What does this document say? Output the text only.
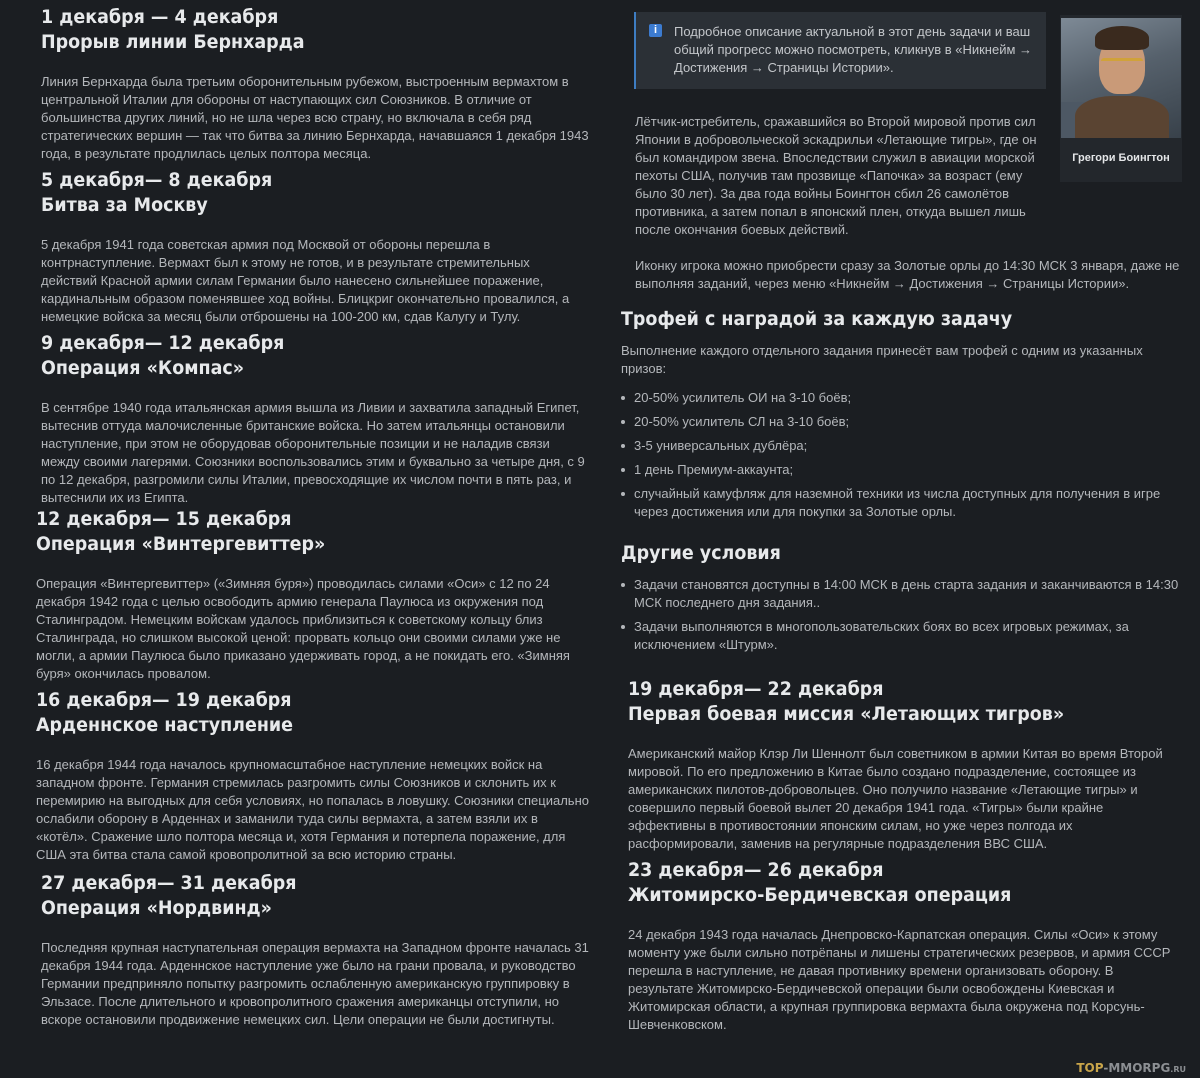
1 декабря — 4 декабря
Прорыв линии Бернхарда
Линия Бернхарда была третьим оборонительным рубежом, выстроенным вермахтом в центральной Италии для обороны от наступающих сил Союзников. В отличие от большинства других линий, но не шла через всю страну, но включала в себя ряд стратегических вершин — так что битва за линию Бернхарда, начавшаяся 1 декабря 1943 года, в результате продлилась целых полтора месяца.
5 декабря— 8 декабря
Битва за Москву
5 декабря 1941 года советская армия под Москвой от обороны перешла в контрнаступление. Вермахт был к этому не готов, и в результате стремительных действий Красной армии силам Германии было нанесено сильнейшее поражение, кардинальным образом поменявшее ход войны. Блицкриг окончательно провалился, а немецкие войска за месяц были отброшены на 100-200 км, сдав Калугу и Тулу.
9 декабря— 12 декабря
Операция «Компас»
В сентябре 1940 года итальянская армия вышла из Ливии и захватила западный Египет, вытеснив оттуда малочисленные британские войска. Но затем итальянцы остановили наступление, при этом не оборудовав оборонительные позиции и не наладив связи между своими лагерями. Союзники воспользовались этим и буквально за четыре дня, с 9 по 12 декабря, разгромили силы Италии, превосходящие их числом почти в пять раз, и вытеснили их из Египта.
12 декабря— 15 декабря
Операция «Винтергевиттер»
Операция «Винтергевиттер» («Зимняя буря») проводилась силами «Оси» с 12 по 24 декабря 1942 года с целью освободить армию генерала Паулюса из окружения под Сталинградом. Немецким войскам удалось приблизиться к советскому кольцу близ Сталинграда, но слишком высокой ценой: прорвать кольцо они своими силами уже не могли, а армии Паулюса было приказано удерживать город, а не покидать его. «Зимняя буря» окончилась провалом.
16 декабря— 19 декабря
Арденнское наступление
16 декабря 1944 года началось крупномасштабное наступление немецких войск на западном фронте. Германия стремилась разгромить силы Союзников и склонить их к перемирию на выгодных для себя условиях, но попалась в ловушку. Союзники специально ослабили оборону в Арденнах и заманили туда силы вермахта, а затем взяли их в «котёл». Сражение шло полтора месяца и, хотя Германия и потерпела поражение, для США эта битва стала самой кровопролитной за всю историю страны.
27 декабря— 31 декабря
Операция «Нордвинд»
Последняя крупная наступательная операция вермахта на Западном фронте началась 31 декабря 1944 года. Арденнское наступление уже было на грани провала, и руководство Германии предприняло попытку разгромить ослабленную американскую группировку в Эльзасе. После длительного и кровопролитного сражения американцы отступили, но вскоре остановили продвижение немецких сил. Цели операции не были достигнуты.
i	Подробное описание актуальной в этот день задачи и ваш общий прогресс можно посмотреть, кликнув в «Никнейм → Достижения → Страницы Истории».
Грегори Боингтон
Лётчик-истребитель, сражавшийся во Второй мировой против сил Японии в добровольческой эскадрильи «Летающие тигры», где он был командиром звена. Впоследствии служил в авиации морской пехоты США, получив там прозвище «Папочка» за возраст (ему было 30 лет). За два года войны Боингтон сбил 26 самолётов противника, а затем попал в японский плен, откуда вышел лишь после окончания боевых действий.
Иконку игрока можно приобрести сразу за Золотые орлы до 14:30 МСК 3 января, даже не выполняя заданий, через меню «Никнейм → Достижения → Страницы Истории».
Трофей с наградой за каждую задачу
Выполнение каждого отдельного задания принесёт вам трофей с одним из указанных призов:
20-50% усилитель ОИ на 3-10 боёв;
20-50% усилитель СЛ на 3-10 боёв;
3-5 универсальных дублёра;
1 день Премиум-аккаунта;
случайный камуфляж для наземной техники из числа доступных для получения в игре через достижения или для покупки за Золотые орлы.
Другие условия
Задачи становятся доступны в 14:00 МСК в день старта задания и заканчиваются в 14:30 МСК последнего дня задания..
Задачи выполняются в многопользовательских боях во всех игровых режимах, за исключением «Штурм».
19 декабря— 22 декабря
Первая боевая миссия «Летающих тигров»
Американский майор Клэр Ли Шеннолт был советником в армии Китая во время Второй мировой. По его предложению в Китае было создано подразделение, состоящее из американских пилотов-добровольцев. Оно получило название «Летающие тигры» и совершило первый боевой вылет 20 декабря 1941 года. «Тигры» были крайне эффективны в противостоянии японским силам, но уже через полгода их расформировали, заменив на регулярные подразделения ВВС США.
23 декабря— 26 декабря
Житомирско-Бердичевская операция
24 декабря 1943 года началась Днепровско-Карпатская операция. Силы «Оси» к этому моменту уже были сильно потрёпаны и лишены стратегических резервов, и армия СССР перешла в наступление, не давая противнику времени организовать оборону. В результате Житомирско-Бердичевской операции были освобождены Киевская и Житомирская области, а крупная группировка вермахта была окружена под Корсунь-Шевченковском.
TOP-MMORPG.RU
